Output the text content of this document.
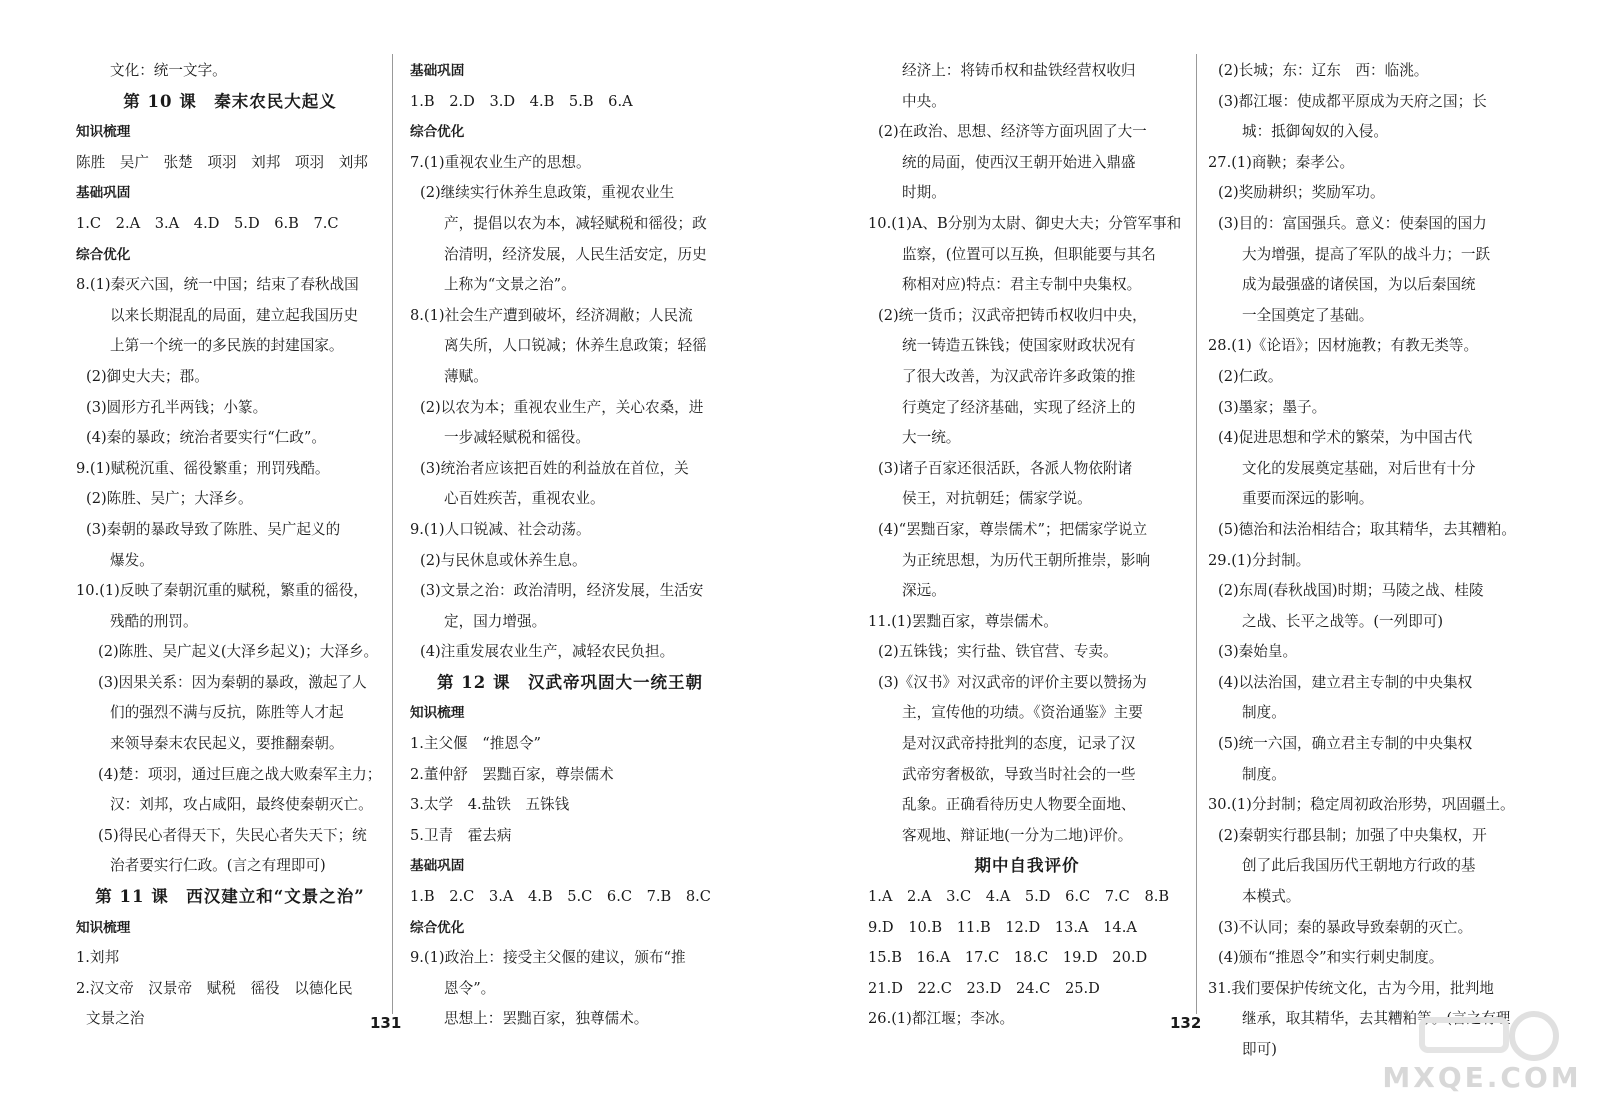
文化：统一文字。
第 10 课　秦末农民大起义
知识梳理
陈胜　吴广　张楚　项羽　刘邦　项羽　刘邦
基础巩固
1.C　2.A　3.A　4.D　5.D　6.B　7.C
综合优化
8.(1)秦灭六国，统一中国；结束了春秋战国
以来长期混乱的局面，建立起我国历史
上第一个统一的多民族的封建国家。
(2)御史大夫；郡。
(3)圆形方孔半两钱；小篆。
(4)秦的暴政；统治者要实行“仁政”。
9.(1)赋税沉重、徭役繁重；刑罚残酷。
(2)陈胜、吴广；大泽乡。
(3)秦朝的暴政导致了陈胜、吴广起义的
爆发。
10.(1)反映了秦朝沉重的赋税，繁重的徭役，
残酷的刑罚。
(2)陈胜、吴广起义(大泽乡起义)；大泽乡。
(3)因果关系：因为秦朝的暴政，激起了人
们的强烈不满与反抗，陈胜等人才起
来领导秦末农民起义，要推翻秦朝。
(4)楚：项羽，通过巨鹿之战大败秦军主力；
汉：刘邦，攻占咸阳，最终使秦朝灭亡。
(5)得民心者得天下，失民心者失天下；统
治者要实行仁政。(言之有理即可)
第 11 课　西汉建立和“文景之治”
知识梳理
1.刘邦
2.汉文帝　汉景帝　赋税　徭役　以德化民
文景之治
基础巩固
1.B　2.D　3.D　4.B　5.B　6.A
综合优化
7.(1)重视农业生产的思想。
(2)继续实行休养生息政策，重视农业生
产，提倡以农为本，减轻赋税和徭役；政
治清明，经济发展，人民生活安定，历史
上称为“文景之治”。
8.(1)社会生产遭到破坏，经济凋敝；人民流
离失所，人口锐减；休养生息政策；轻徭
薄赋。
(2)以农为本；重视农业生产，关心农桑，进
一步减轻赋税和徭役。
(3)统治者应该把百姓的利益放在首位，关
心百姓疾苦，重视农业。
9.(1)人口锐减、社会动荡。
(2)与民休息或休养生息。
(3)文景之治：政治清明，经济发展，生活安
定，国力增强。
(4)注重发展农业生产，减轻农民负担。
第 12 课　汉武帝巩固大一统王朝
知识梳理
1.主父偃　“推恩令”
2.董仲舒　罢黜百家，尊崇儒术
3.太学　4.盐铁　五铢钱
5.卫青　霍去病
基础巩固
1.B　2.C　3.A　4.B　5.C　6.C　7.B　8.C
综合优化
9.(1)政治上：接受主父偃的建议，颁布“推
恩令”。
思想上：罢黜百家，独尊儒术。
经济上：将铸币权和盐铁经营权收归
中央。
(2)在政治、思想、经济等方面巩固了大一
统的局面，使西汉王朝开始进入鼎盛
时期。
10.(1)A、B分别为太尉、御史大夫；分管军事和
监察，(位置可以互换，但职能要与其名
称相对应)特点：君主专制中央集权。
(2)统一货币；汉武帝把铸币权收归中央，
统一铸造五铢钱；使国家财政状况有
了很大改善，为汉武帝许多政策的推
行奠定了经济基础，实现了经济上的
大一统。
(3)诸子百家还很活跃，各派人物依附诸
侯王，对抗朝廷；儒家学说。
(4)“罢黜百家，尊崇儒术”；把儒家学说立
为正统思想，为历代王朝所推崇，影响
深远。
11.(1)罢黜百家，尊崇儒术。
(2)五铢钱；实行盐、铁官营、专卖。
(3)《汉书》对汉武帝的评价主要以赞扬为
主，宣传他的功绩。《资治通鉴》主要
是对汉武帝持批判的态度，记录了汉
武帝穷奢极欲，导致当时社会的一些
乱象。正确看待历史人物要全面地、
客观地、辩证地(一分为二地)评价。
期中自我评价
1.A　2.A　3.C　4.A　5.D　6.C　7.C　8.B
9.D　10.B　11.B　12.D　13.A　14.A
15.B　16.A　17.C　18.C　19.D　20.D
21.D　22.C　23.D　24.C　25.D
26.(1)都江堰；李冰。
(2)长城；东：辽东　西：临洮。
(3)都江堰：使成都平原成为天府之国；长
城：抵御匈奴的入侵。
27.(1)商鞅；秦孝公。
(2)奖励耕织；奖励军功。
(3)目的：富国强兵。意义：使秦国的国力
大为增强，提高了军队的战斗力；一跃
成为最强盛的诸侯国，为以后秦国统
一全国奠定了基础。
28.(1)《论语》；因材施教；有教无类等。
(2)仁政。
(3)墨家；墨子。
(4)促进思想和学术的繁荣，为中国古代
文化的发展奠定基础，对后世有十分
重要而深远的影响。
(5)德治和法治相结合；取其精华，去其糟粕。
29.(1)分封制。
(2)东周(春秋战国)时期；马陵之战、桂陵
之战、长平之战等。(一列即可)
(3)秦始皇。
(4)以法治国，建立君主专制的中央集权
制度。
(5)统一六国，确立君主专制的中央集权
制度。
30.(1)分封制；稳定周初政治形势，巩固疆土。
(2)秦朝实行郡县制；加强了中央集权，开
创了此后我国历代王朝地方行政的基
本模式。
(3)不认同；秦的暴政导致秦朝的灭亡。
(4)颁布“推恩令”和实行刺史制度。
31.我们要保护传统文化，古为今用，批判地
继承，取其精华，去其糟粕等。(言之有理
即可)
131	132
MXQE.COM
